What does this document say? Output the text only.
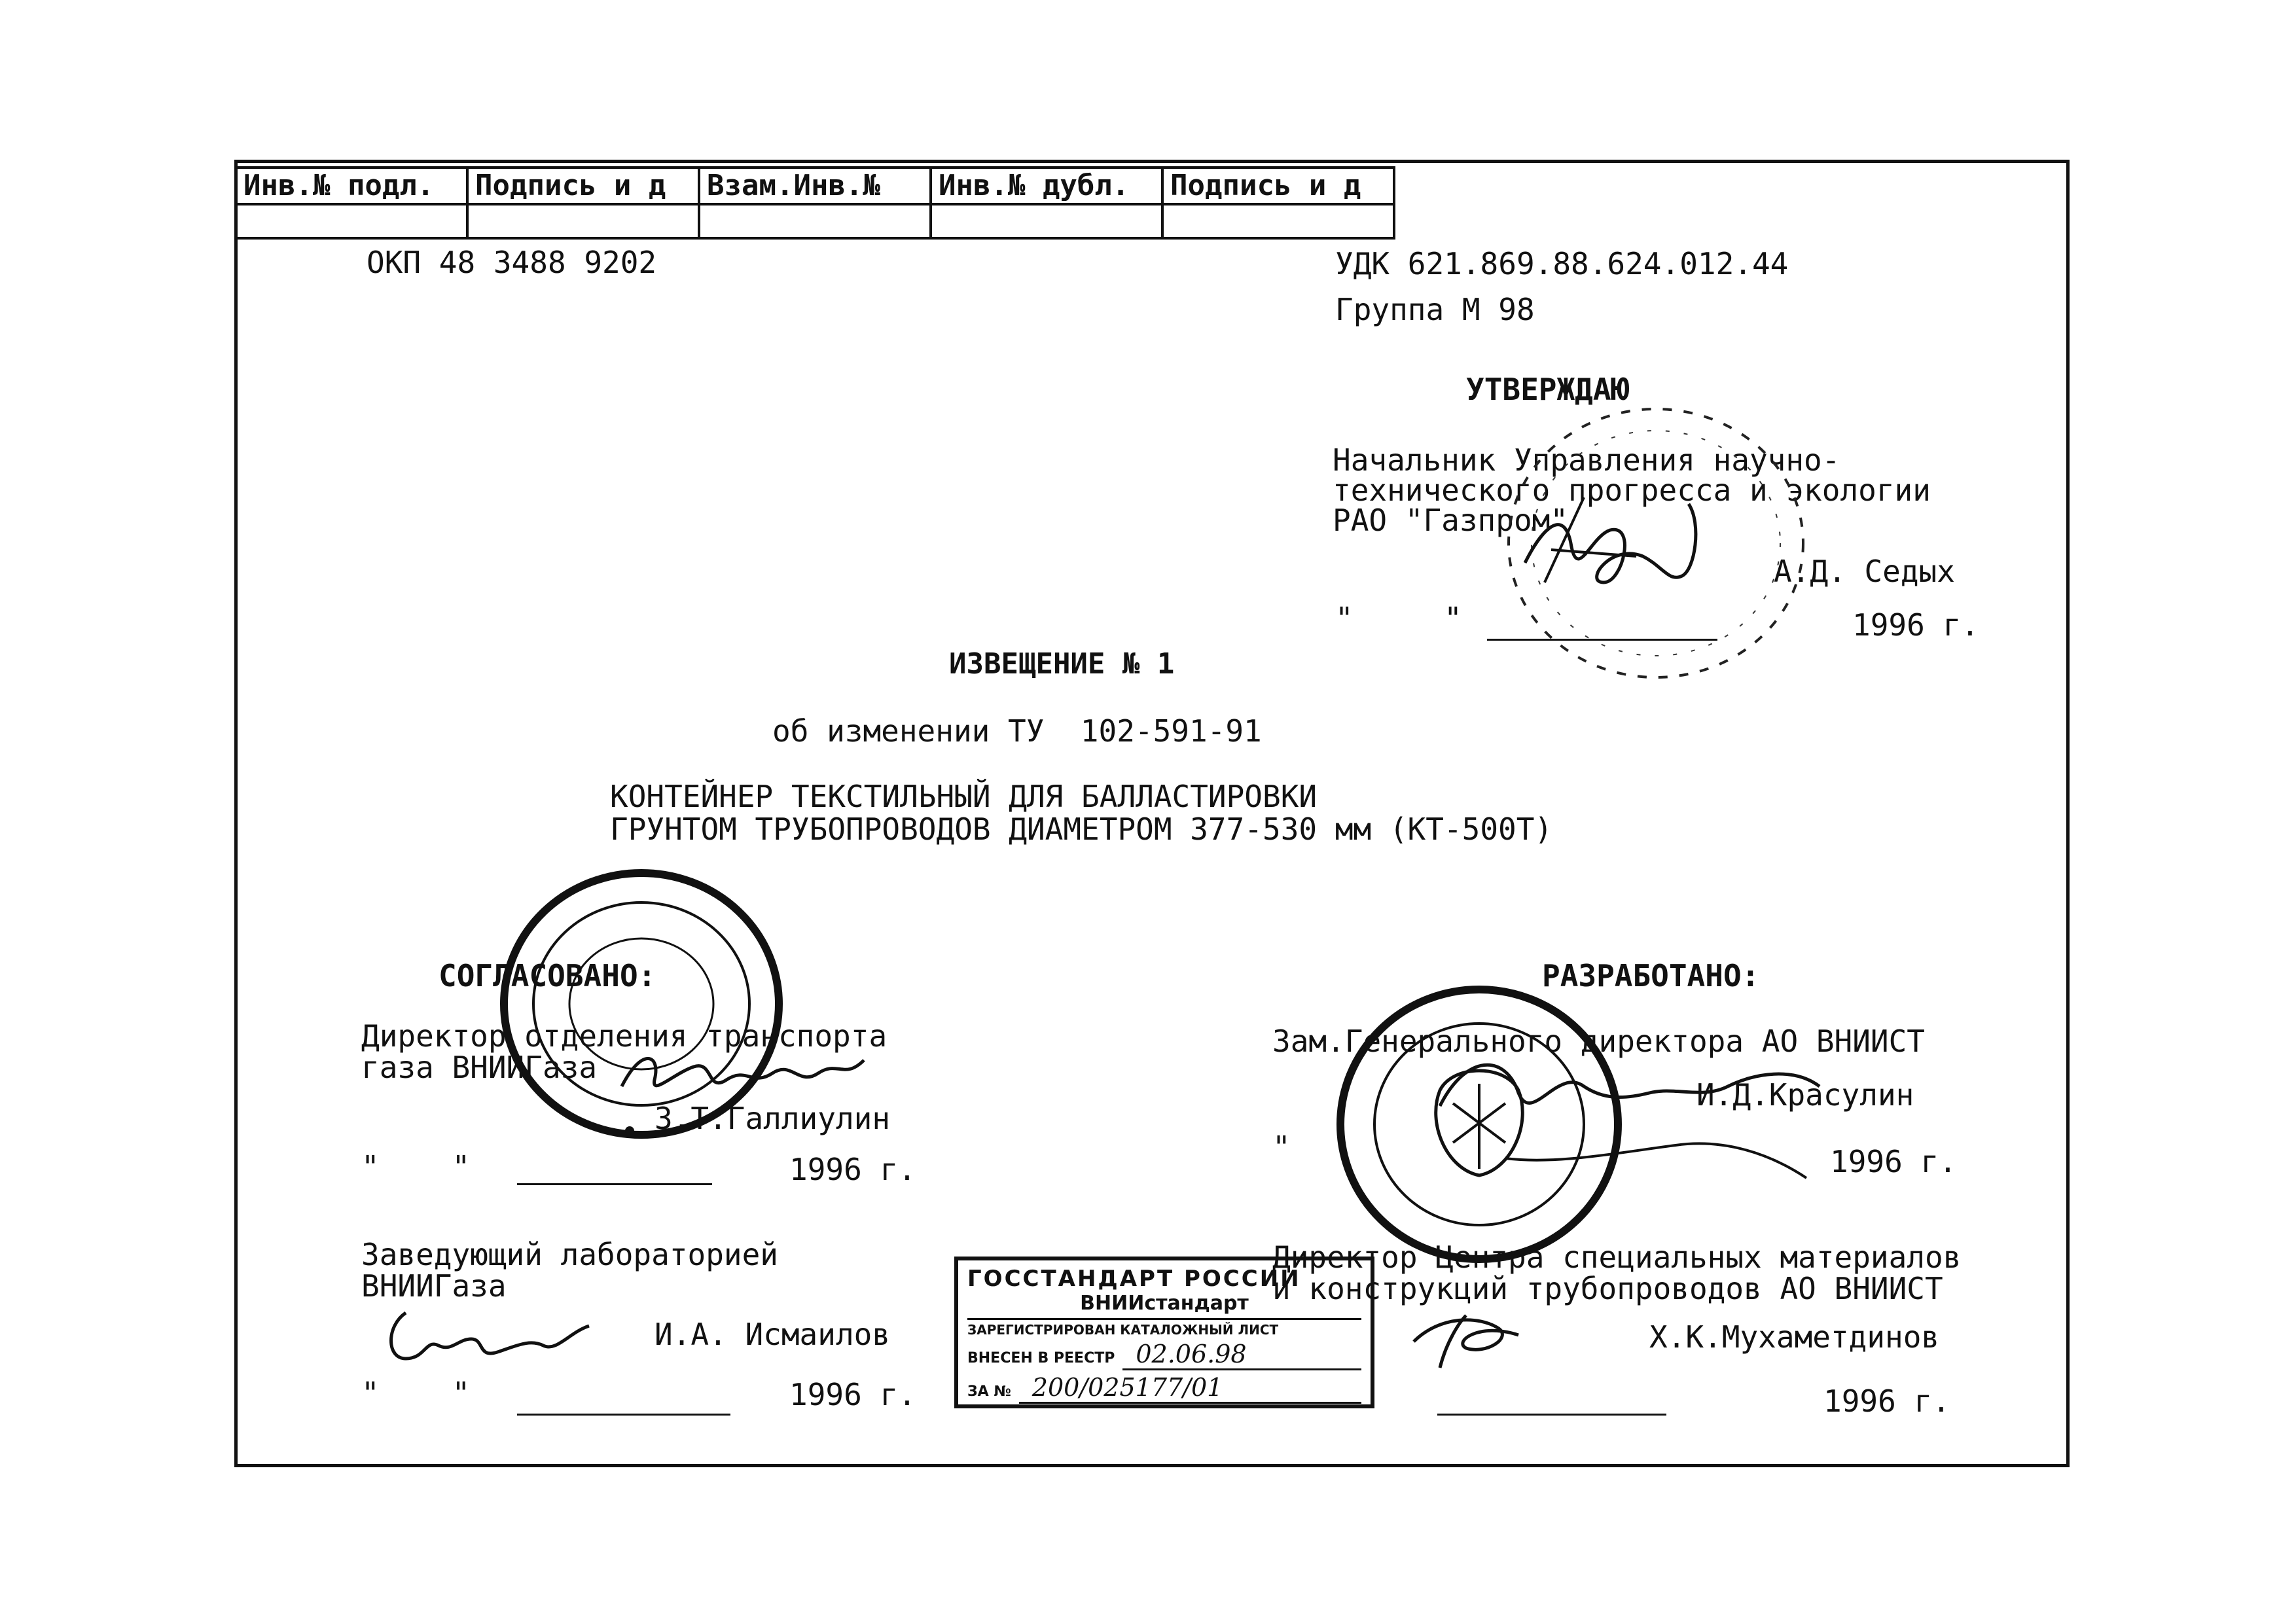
Инв.№ подл.	Подпись и д	Взам.Инв.№	Инв.№ дубл.	Подпись и д

ОКП 48 3488 9202	УДК 621.869.88.624.012.44
Группа М 98
УТВЕРЖДАЮ
Начальник Управления научно-
технического прогресса и экологии
РАО "Газпром"
А.Д. Седых
"     "	1996 г.
ИЗВЕЩЕНИЕ № 1
об изменении ТУ  102-591-91
КОНТЕЙНЕР ТЕКСТИЛЬНЫЙ ДЛЯ БАЛЛАСТИРОВКИ
ГРУНТОМ ТРУБОПРОВОДОВ ДИАМЕТРОМ 377-530 мм (КТ-500Т)
СОГЛАСОВАНО:
Директор отделения транспорта
газа ВНИИГаза
З.Т.Галлиулин
"    "	1996 г.
Заведующий лабораторией
ВНИИГаза
И.А. Исмаилов
"    "	1996 г.
РАЗРАБОТАНО:
Зам.Генерального директора АО ВНИИСТ
И.Д.Красулин
"	1996 г.
Директор Центра специальных материалов
и конструкций трубопроводов АО ВНИИСТ
Х.К.Мухаметдинов
1996 г.
ГОССТАНДАРТ РОССИИ
ВНИИстандарт
ЗАРЕГИСТРИРОВАН КАТАЛОЖНЫЙ ЛИСТ
ВНЕСЕН В РЕЕСТР 02.06.98
ЗА № 200/025177/01
